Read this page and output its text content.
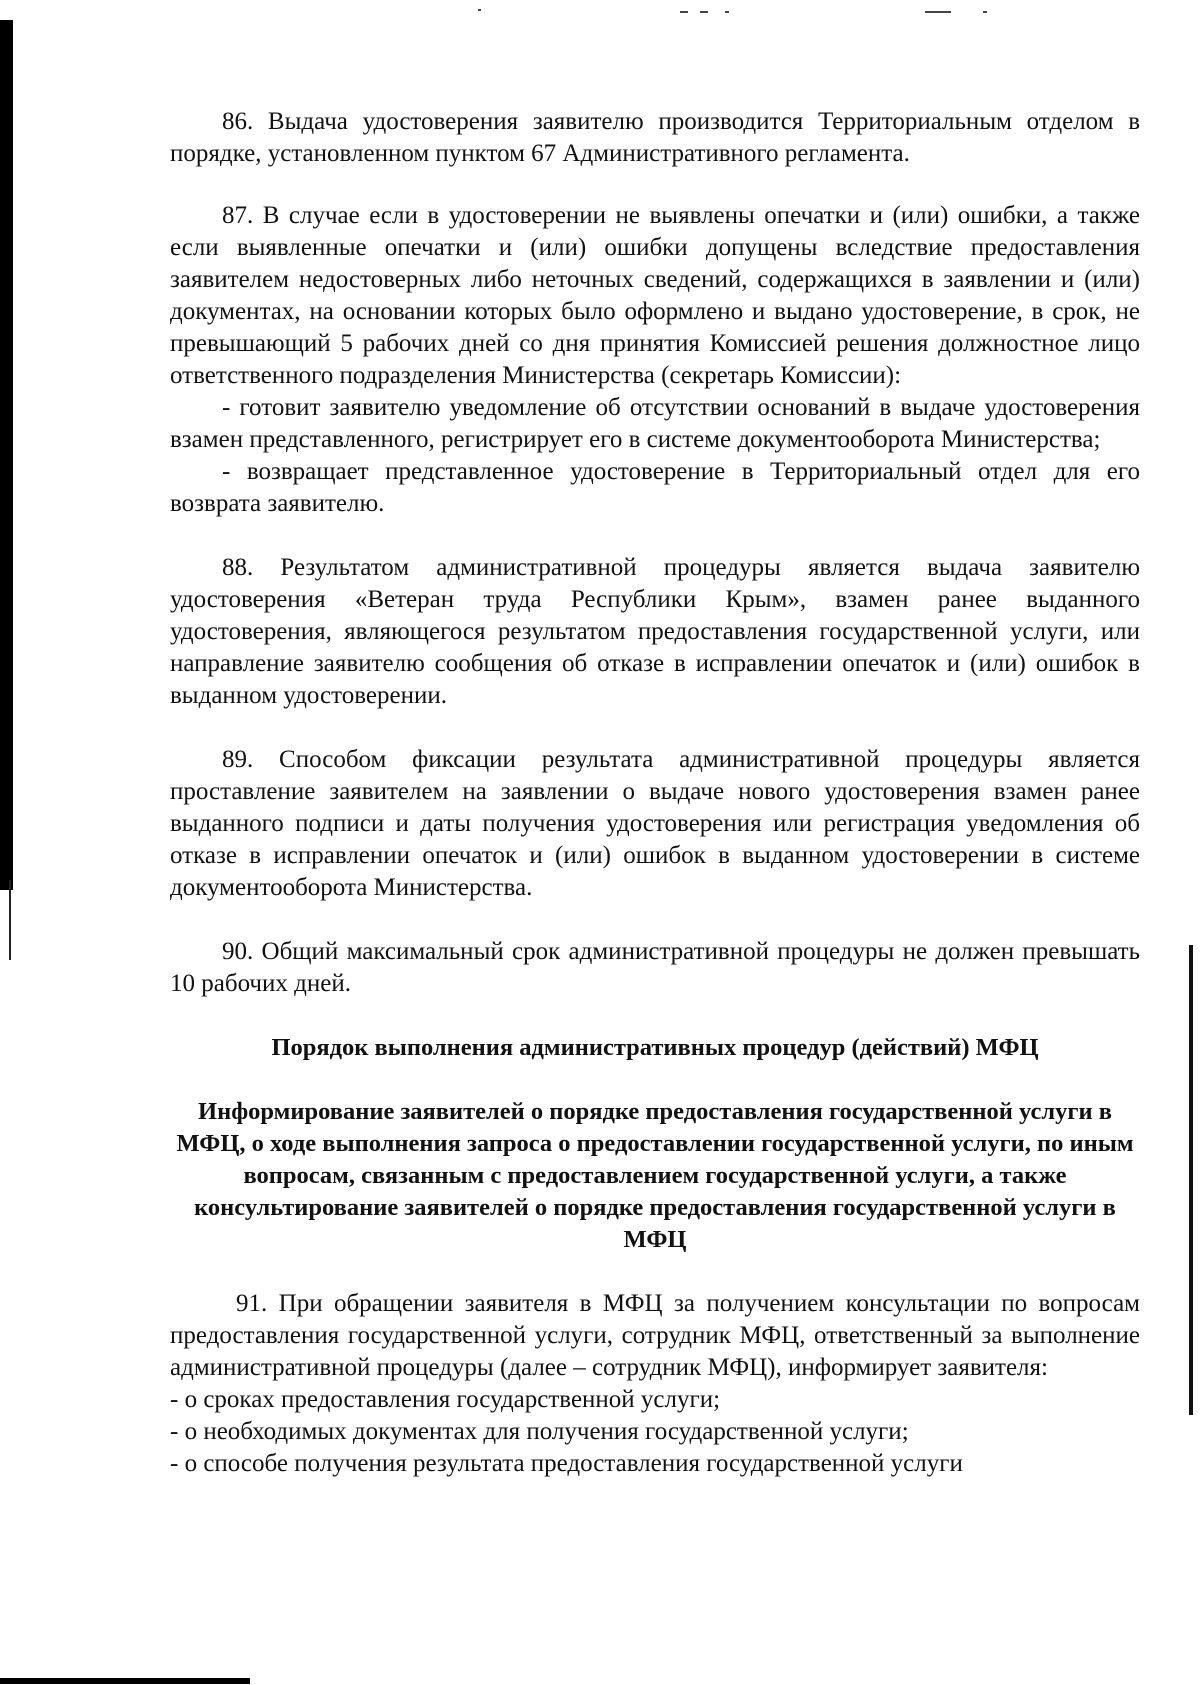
86. Выдача удостоверения заявителю производится Территориальным отделом в порядке, установленном пунктом 67 Административного регламента.

87. В случае если в удостоверении не выявлены опечатки и (или) ошибки, а также если выявленные опечатки и (или) ошибки допущены вследствие предоставления заявителем недостоверных либо неточных сведений, содержащихся в заявлении и (или) документах, на основании которых было оформлено и выдано удостоверение, в срок, не превышающий 5 рабочих дней со дня принятия Комиссией решения должностное лицо ответственного подразделения Министерства (секретарь Комиссии):

- готовит заявителю уведомление об отсутствии оснований в выдаче удостоверения взамен представленного, регистрирует его в системе документооборота Министерства;

- возвращает представленное удостоверение в Территориальный отдел для его возврата заявителю.

88. Результатом административной процедуры является выдача заявителю удостоверения «Ветеран труда Республики Крым», взамен ранее выданного удостоверения, являющегося результатом предоставления государственной услуги, или направление заявителю сообщения об отказе в исправлении опечаток и (или) ошибок в выданном удостоверении.

89. Способом фиксации результата административной процедуры является проставление заявителем на заявлении о выдаче нового удостоверения взамен ранее выданного подписи и даты получения удостоверения или регистрация уведомления об отказе в исправлении опечаток и (или) ошибок в выданном удостоверении в системе документооборота Министерства.

90. Общий максимальный срок административной процедуры не должен превышать 10 рабочих дней.

Порядок выполнения административных процедур (действий) МФЦ

Информирование заявителей о порядке предоставления государственной услуги в МФЦ, о ходе выполнения запроса о предоставлении государственной услуги, по иным вопросам, связанным с предоставлением государственной услуги, а также консультирование заявителей о порядке предоставления государственной услуги в МФЦ

91. При обращении заявителя в МФЦ за получением консультации по вопросам предоставления государственной услуги, сотрудник МФЦ, ответственный за выполнение административной процедуры (далее – сотрудник МФЦ), информирует заявителя:

- о сроках предоставления государственной услуги;

- о необходимых документах для получения государственной услуги;

- о способе получения результата предоставления государственной услуги
